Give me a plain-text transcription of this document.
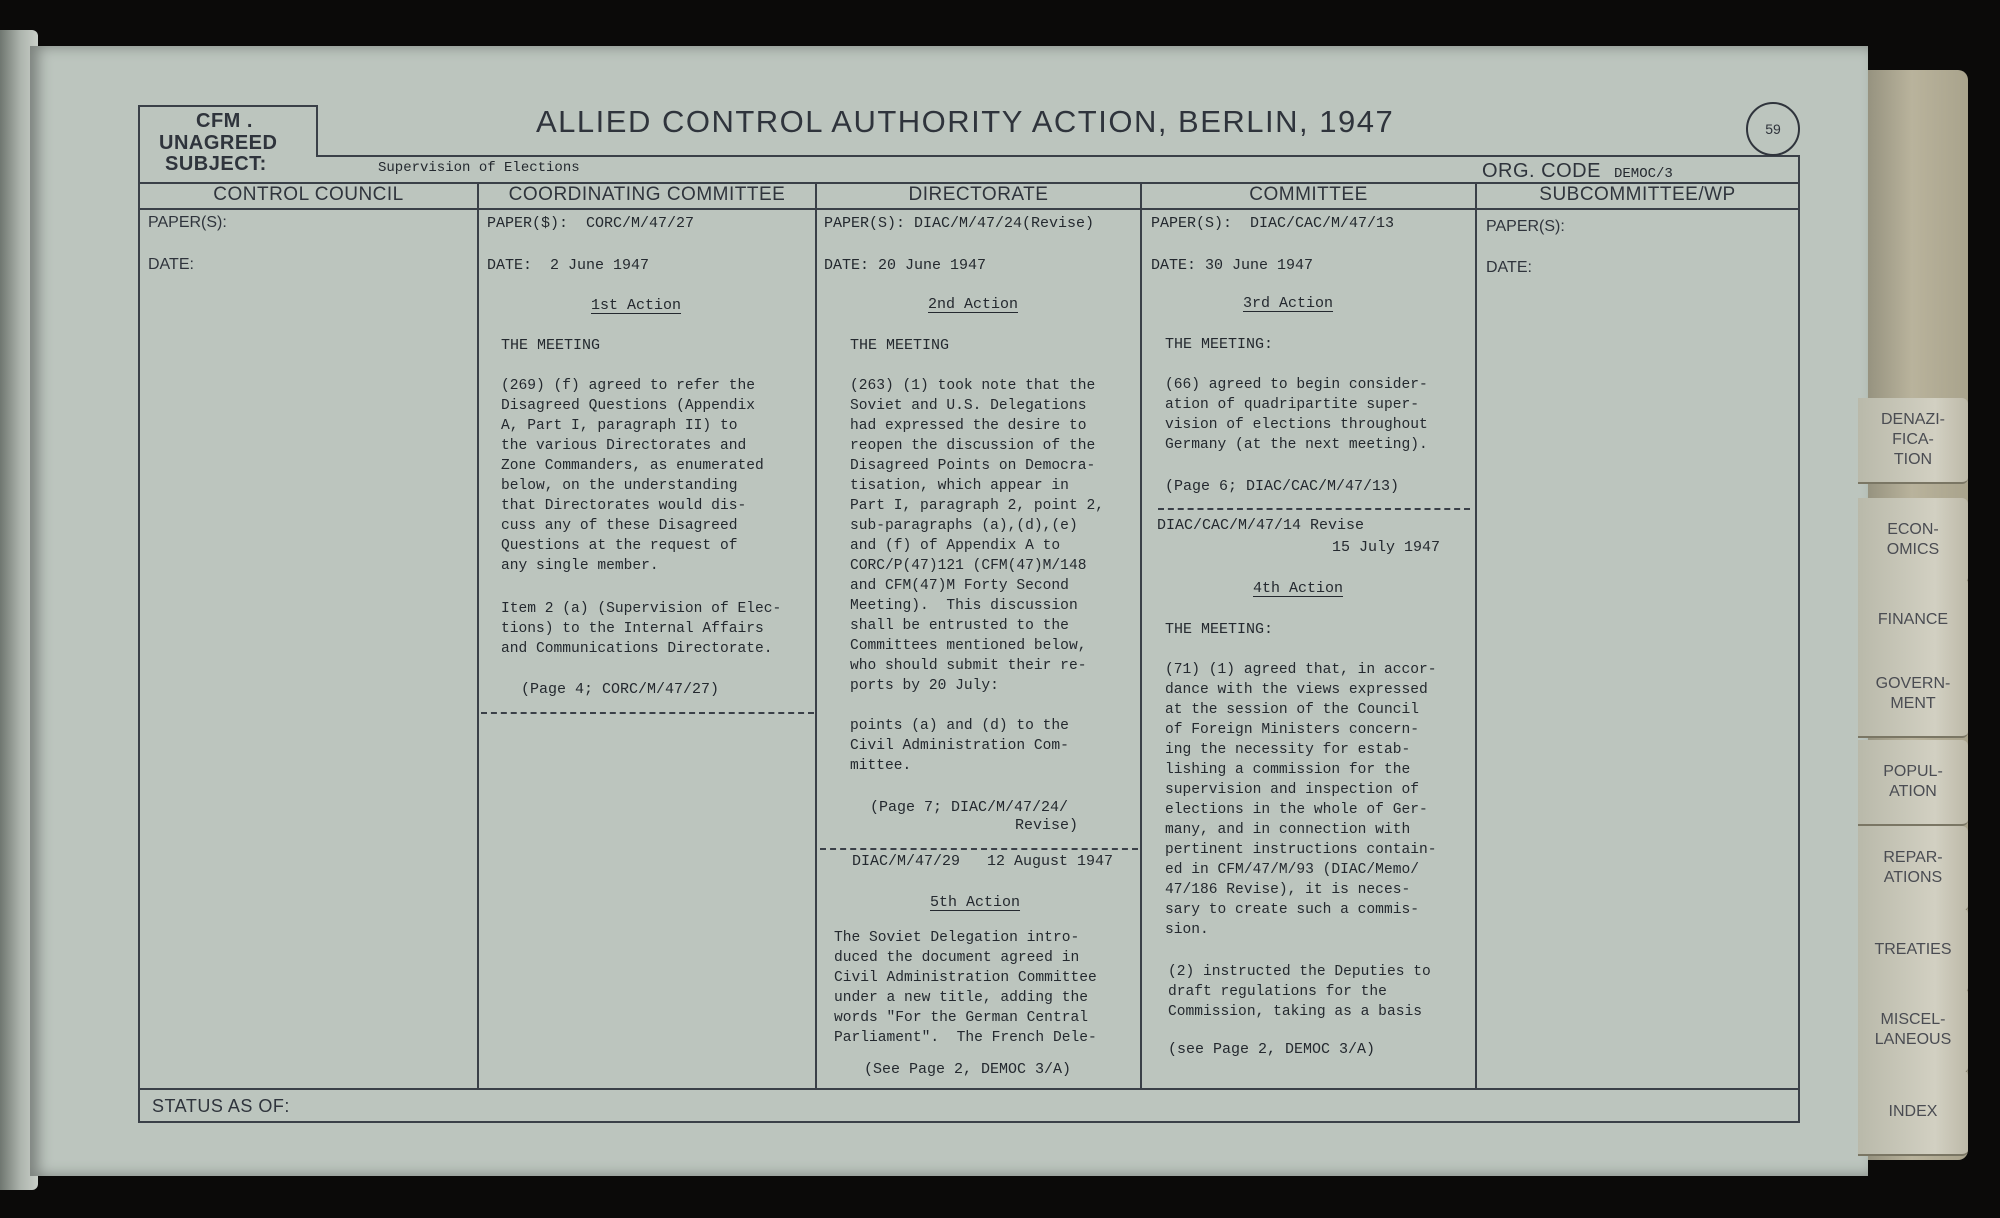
DENAZI-
FICA-
TION
ECON-
OMICS
FINANCE
GOVERN-
MENT
POPUL-
ATION
REPAR-
ATIONS
TREATIES
MISCEL-
LANEOUS
INDEX
CFM .
UNAGREED
SUBJECT:	Supervision of Elections
ALLIED CONTROL AUTHORITY ACTION, BERLIN, 1947	59
ORG. CODE DEMOC/3
CONTROL COUNCIL	COORDINATING COMMITTEE	DIRECTORATE	COMMITTEE	SUBCOMMITTEE/WP
PAPER(S):
DATE:
PAPER($):  CORC/M/47/27
DATE:  2 June 1947
1st Action
THE MEETING
(269) (f) agreed to refer the
Disagreed Questions (Appendix
A, Part I, paragraph II) to
the various Directorates and
Zone Commanders, as enumerated
below, on the understanding
that Directorates would dis-
cuss any of these Disagreed
Questions at the request of
any single member.
Item 2 (a) (Supervision of Elec-
tions) to the Internal Affairs
and Communications Directorate.
(Page 4; CORC/M/47/27)
PAPER(S): DIAC/M/47/24(Revise)
DATE: 20 June 1947
2nd Action
THE MEETING
(263) (1) took note that the
Soviet and U.S. Delegations
had expressed the desire to
reopen the discussion of the
Disagreed Points on Democra-
tisation, which appear in
Part I, paragraph 2, point 2,
sub-paragraphs (a),(d),(e)
and (f) of Appendix A to
CORC/P(47)121 (CFM(47)M/148
and CFM(47)M Forty Second
Meeting).  This discussion
shall be entrusted to the
Committees mentioned below,
who should submit their re-
ports by 20 July:
points (a) and (d) to the
Civil Administration Com-
mittee.
(Page 7; DIAC/M/47/24/
Revise)
DIAC/M/47/29   12 August 1947
5th Action
The Soviet Delegation intro-
duced the document agreed in
Civil Administration Committee
under a new title, adding the
words "For the German Central
Parliament".  The French Dele-
(See Page 2, DEMOC 3/A)
PAPER(S):  DIAC/CAC/M/47/13
DATE: 30 June 1947
3rd Action
THE MEETING:
(66) agreed to begin consider-
ation of quadripartite super-
vision of elections throughout
Germany (at the next meeting).
(Page 6; DIAC/CAC/M/47/13)
DIAC/CAC/M/47/14 Revise
15 July 1947
4th Action
THE MEETING:
(71) (1) agreed that, in accor-
dance with the views expressed
at the session of the Council
of Foreign Ministers concern-
ing the necessity for estab-
lishing a commission for the
supervision and inspection of
elections in the whole of Ger-
many, and in connection with
pertinent instructions contain-
ed in CFM/47/M/93 (DIAC/Memo/
47/186 Revise), it is neces-
sary to create such a commis-
sion.
(2) instructed the Deputies to
draft regulations for the
Commission, taking as a basis
(see Page 2, DEMOC 3/A)
PAPER(S):
DATE:
STATUS AS OF:
